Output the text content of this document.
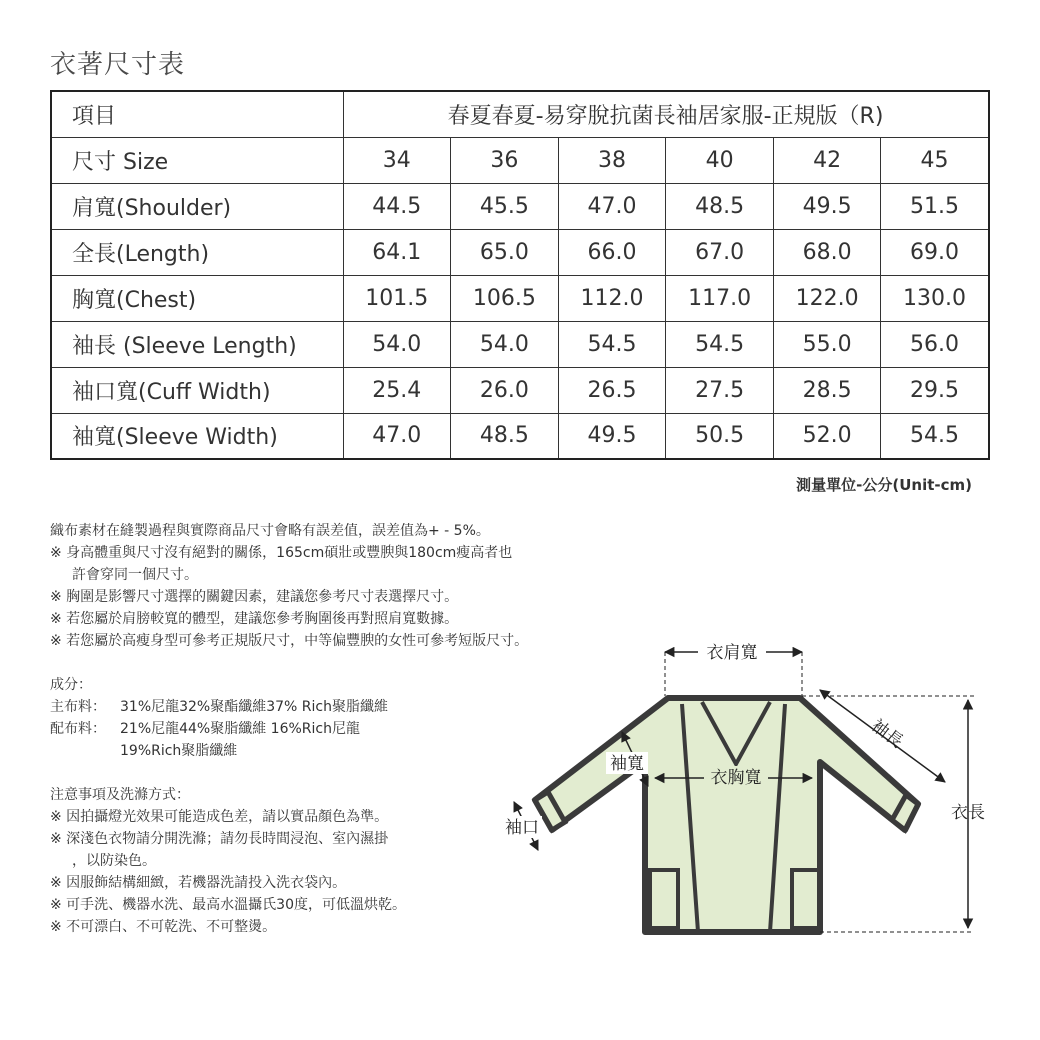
衣著尺寸表
項目	春夏春夏-易穿脫抗菌長袖居家服-正規版（R)					
尺寸 Size	34	36	38	40	42	45
肩寬(Shoulder)	44.5	45.5	47.0	48.5	49.5	51.5
全長(Length)	64.1	65.0	66.0	67.0	68.0	69.0
胸寬(Chest)	101.5	106.5	112.0	117.0	122.0	130.0
袖長 (Sleeve Length)	54.0	54.0	54.5	54.5	55.0	56.0
袖口寬(Cuff Width)	25.4	26.0	26.5	27.5	28.5	29.5
袖寬(Sleeve Width)	47.0	48.5	49.5	50.5	52.0	54.5
測量單位-公分(Unit-cm)

織布素材在縫製過程與實際商品尺寸會略有誤差值，誤差值為+ - 5%。

※ 身高體重與尺寸沒有絕對的關係，165cm碩壯或豐腴與180cm瘦高者也

許會穿同一個尺寸。

※ 胸圍是影響尺寸選擇的關鍵因素，建議您參考尺寸表選擇尺寸。

※ 若您屬於肩膀較寬的體型，建議您參考胸圍後再對照肩寬數據。

※ 若您屬於高瘦身型可參考正規版尺寸，中等偏豐腴的女性可參考短版尺寸。

成分：

主布料：	31%尼龍32%聚酯纖維37% Rich聚脂纖維
配布料：	21%尼龍44%聚脂纖維 16%Rich尼龍

19%Rich聚脂纖維

注意事項及洗滌方式：

※ 因拍攝燈光效果可能造成色差，請以實品顏色為準。

※ 深淺色衣物請分開洗滌；請勿長時間浸泡、室內濕掛

，以防染色。

※ 因服飾結構細緻，若機器洗請投入洗衣袋內。

※ 可手洗、機器水洗、最高水溫攝氏30度，可低溫烘乾。

※ 不可漂白、不可乾洗、不可整燙。

衣肩寬
袖長
衣長
衣胸寬
袖寬
袖口
